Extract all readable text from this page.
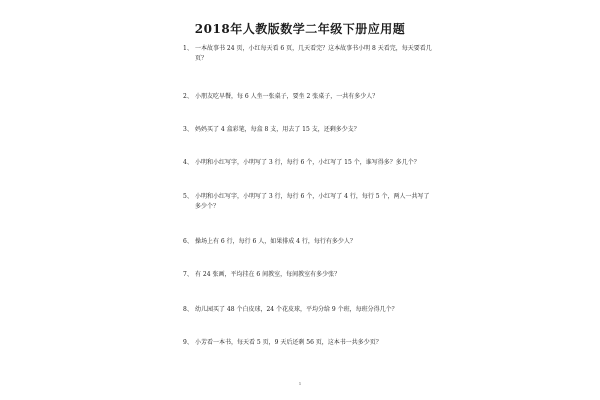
2018年人教版数学二年级下册应用题
1、 一本故事书 24 页，小红每天看 6 页，几天看完？这本故事书小明 8 天看完，每天要看几页？
2、 小朋友吃早餐，每 6 人坐一张桌子，要坐 2 张桌子，一共有多少人？
3、 妈妈买了 4 盒彩笔，每盒 8 支，用去了 15 支，还剩多少支？
4、 小明和小红写字，小明写了 3 行，每行 6 个，小红写了 15 个，谁写得多？多几个？
5、 小明和小红写字，小明写了 3 行，每行 6 个，小红写了 4 行，每行 5 个，两人一共写了多少个？
6、 操场上有 6 行，每行 6 人，如果排成 4 行，每行有多少人？
7、 有 24 张画，平均挂在 6 间教室，每间教室有多少张？
8、 幼儿园买了 48 个白皮球，24 个花皮球，平均分给 9 个班，每班分得几个？
9、 小芳看一本书，每天看 5 页，9 天后还剩 56 页，这本书一共多少页？
1
